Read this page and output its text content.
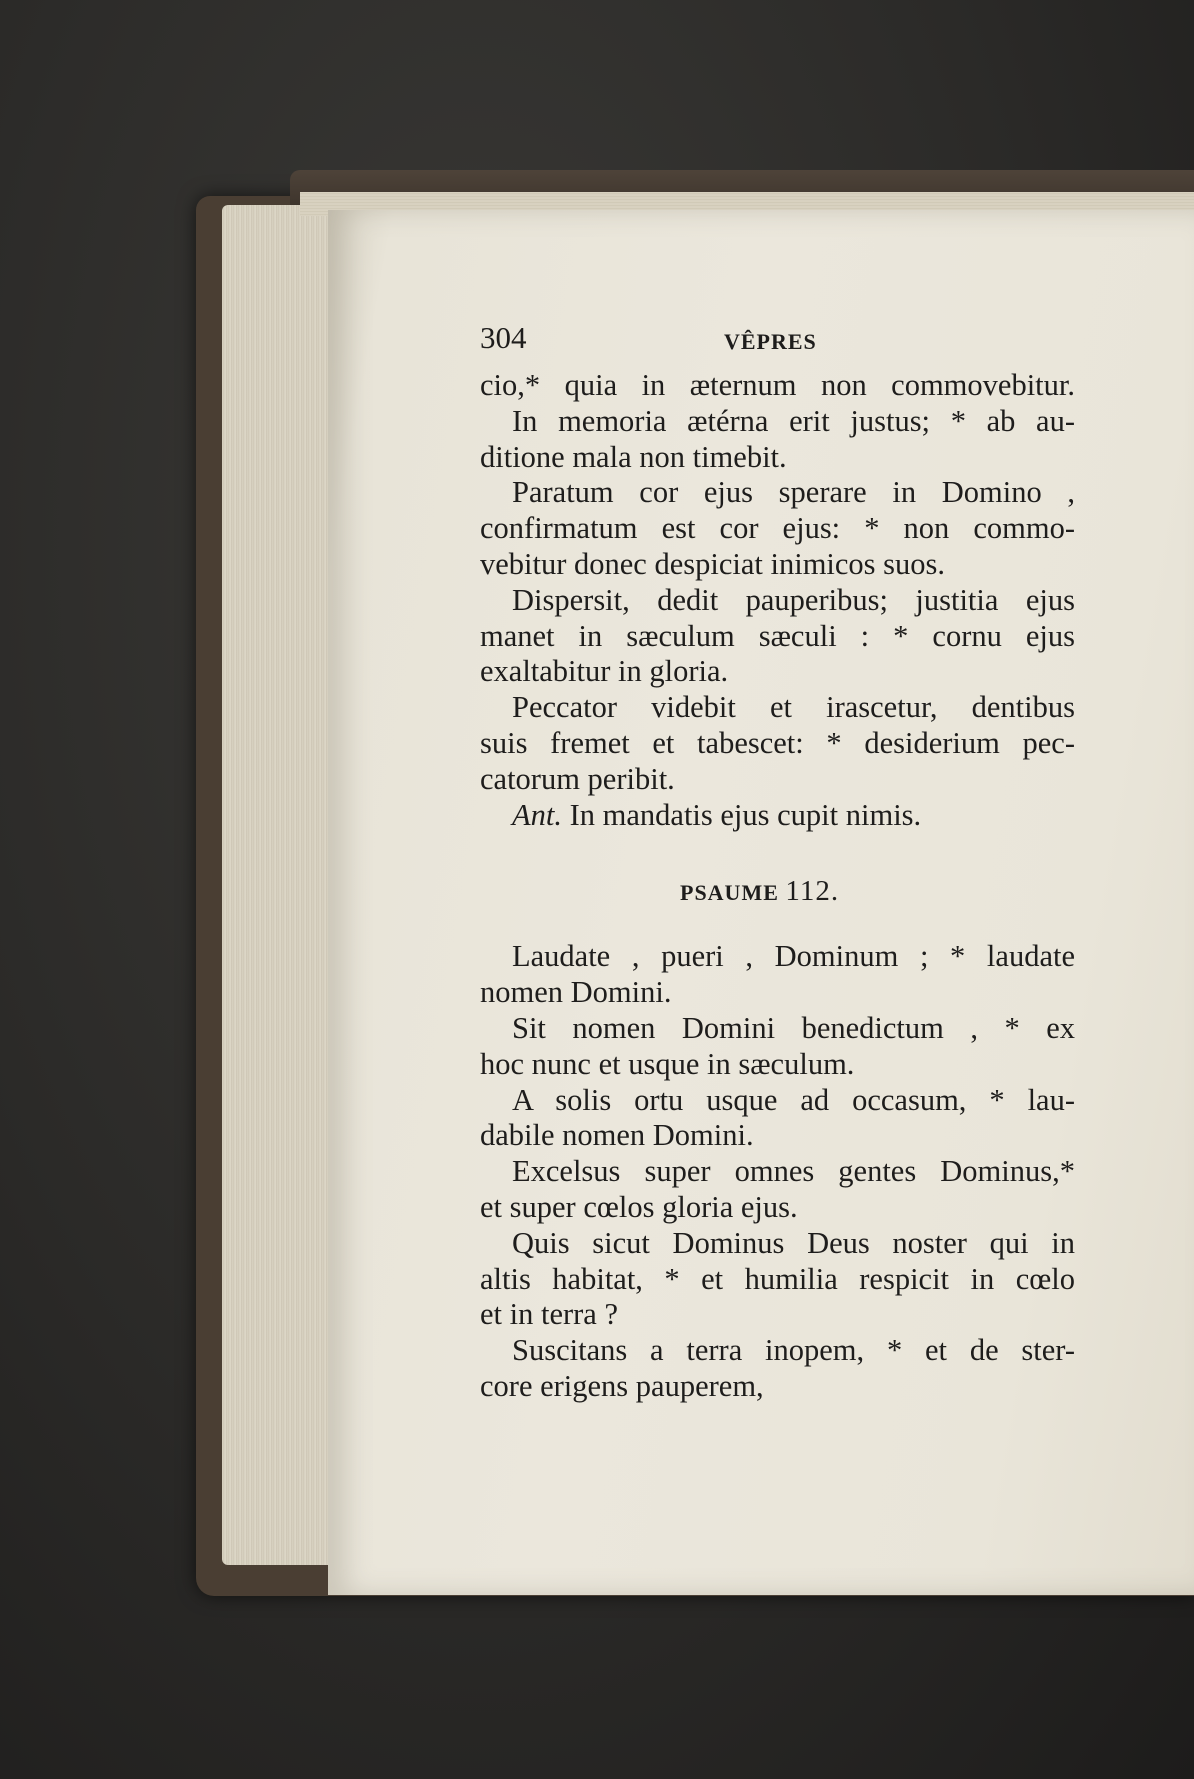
304	VÊPRES
cio,* quia in æternum non commovebitur.
In memoria ætérna erit justus; * ab au-
ditione mala non timebit.
Paratum cor ejus sperare in Domino ,
confirmatum est cor ejus: * non commo-
vebitur donec despiciat inimicos suos.
Dispersit, dedit pauperibus; justitia ejus
manet in sæculum sæculi : * cornu ejus
exaltabitur in gloria.
Peccator videbit et irascetur, dentibus
suis fremet et tabescet: * desiderium pec-
catorum peribit.
Ant. In mandatis ejus cupit nimis.
PSAUME 112.
Laudate , pueri , Dominum ; * laudate
nomen Domini.
Sit nomen Domini benedictum , * ex
hoc nunc et usque in sæculum.
A solis ortu usque ad occasum, * lau-
dabile nomen Domini.
Excelsus super omnes gentes Dominus,*
et super cœlos gloria ejus.
Quis sicut Dominus Deus noster qui in
altis habitat, * et humilia respicit in cœlo
et in terra ?
Suscitans a terra inopem, * et de ster-
core erigens pauperem,
